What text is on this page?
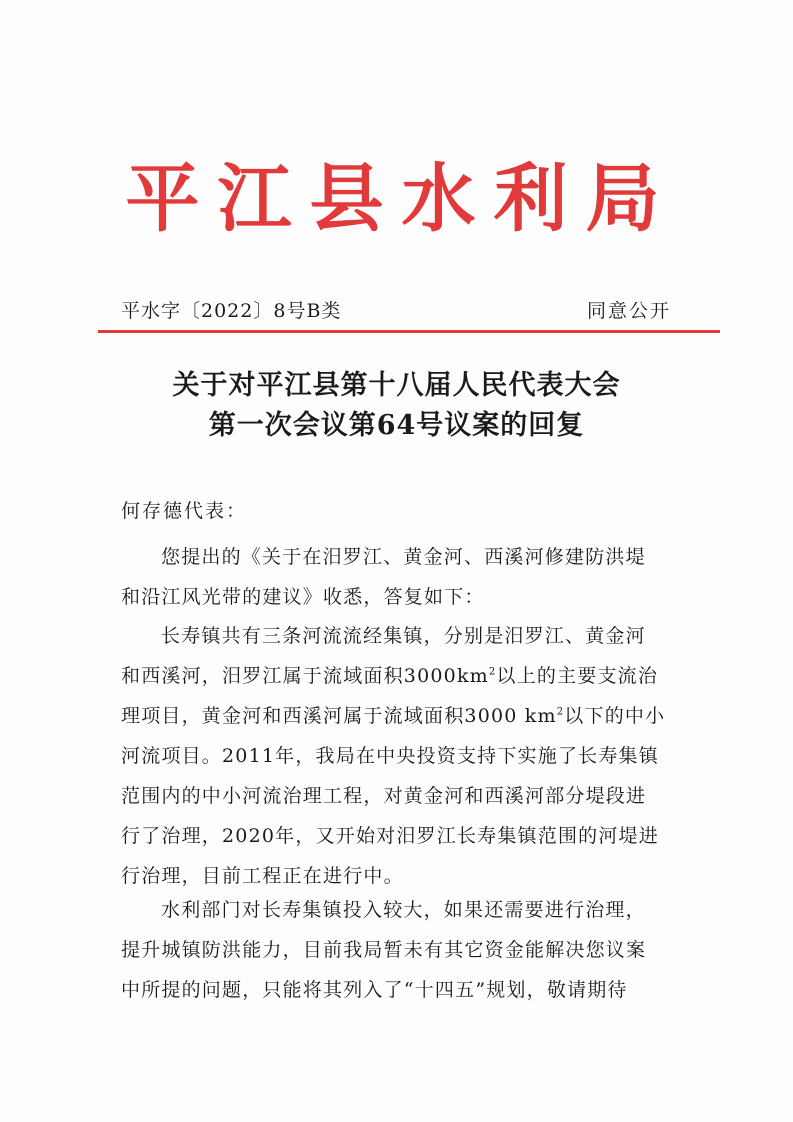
平江县水利局
平水字〔2022〕8号B类	同意公开
关于对平江县第十八届人民代表大会
第一次会议第64号议案的回复
何存德代表：
您提出的《关于在汨罗江、黄金河、西溪河修建防洪堤
和沿江风光带的建议》收悉，答复如下：
长寿镇共有三条河流流经集镇，分别是汨罗江、黄金河
和西溪河，汨罗江属于流域面积$3000km^2$以上的主要支流治
理项目，黄金河和西溪河属于流域面积3000 $km^2$以下的中小
河流项目。2011年，我局在中央投资支持下实施了长寿集镇
范围内的中小河流治理工程，对黄金河和西溪河部分堤段进
行了治理，2020年，又开始对汨罗江长寿集镇范围的河堤进
行治理，目前工程正在进行中。
水利部门对长寿集镇投入较大，如果还需要进行治理，
提升城镇防洪能力，目前我局暂未有其它资金能解决您议案
中所提的问题，只能将其列入了“十四五”规划，敬请期待
